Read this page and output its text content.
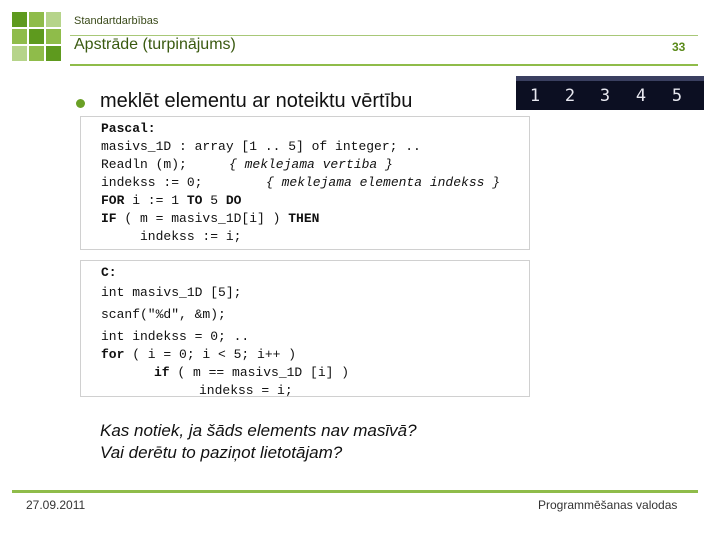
Standartdarbības
Apstrāde (turpinājums)	33
1	2	3	4	5
meklēt elementu ar noteiktu vērtību
Pascal:
masivs_1D : array [1 .. 5] of integer; ..
Readln (m);	{ meklejama vertiba }
indekss := 0;	{ meklejama elementa indekss }
FOR i := 1 TO 5 DO
IF ( m = masivs_1D[i] ) THEN
indekss := i;
C:
int masivs_1D [5];
scanf("%d", &m);
int indekss = 0; ..
for ( i = 0; i < 5; i++ )
if ( m == masivs_1D [i] )
indekss = i;
Kas notiek, ja šāds elements nav masīvā?
Vai derētu to paziņot lietotājam?
27.09.2011	Programmēšanas valodas
